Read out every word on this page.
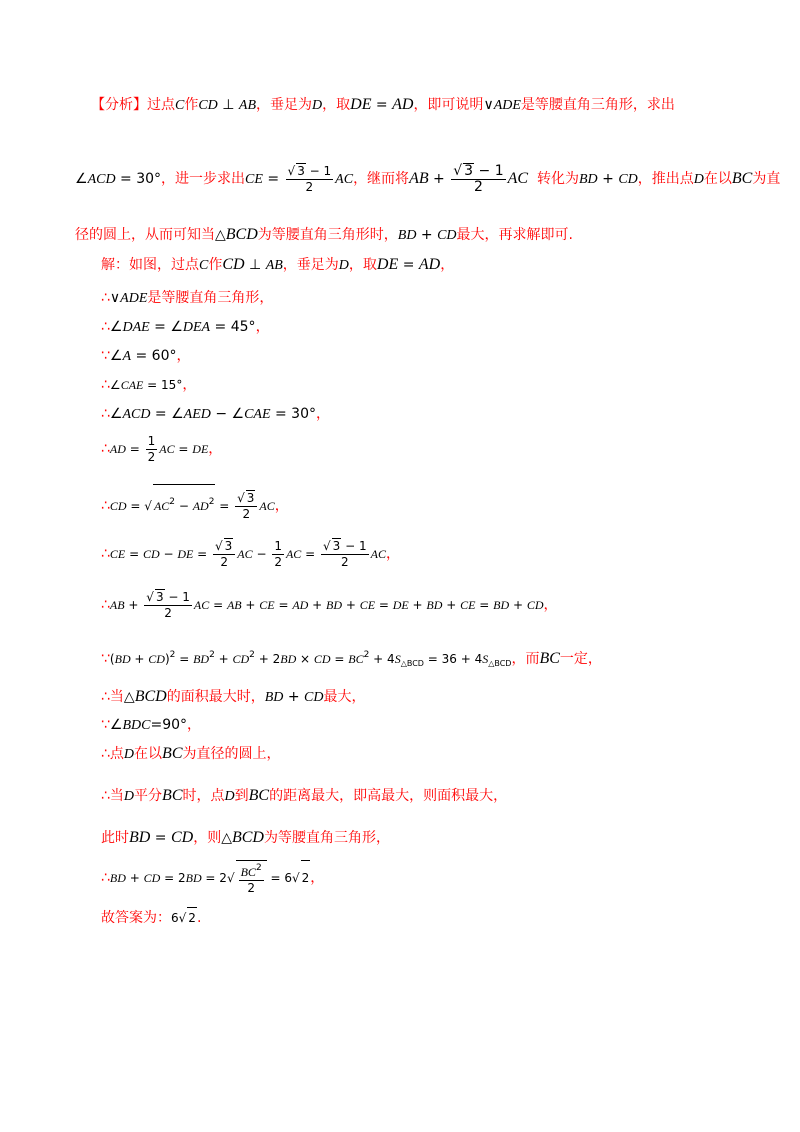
【分析】过点C作CD ⊥ AB，垂足为D，取DE = AD，即可说明∨ADE是等腰直角三角形，求出
∠ACD = 30°，进一步求出CE = $\frac{√ 3 - 1}{2}$ AC，继而将AB + $\frac{√ 3 - 1}{2}$ AC 转化为BD + CD，推出点D在以BC为直
径的圆上，从而可知当△BCD为等腰直角三角形时，BD + CD最大，再求解即可.
解：如图，过点C作CD ⊥ AB，垂足为D，取DE = AD，
∴∨ADE是等腰直角三角形，
∴∠DAE = ∠DEA = 45°，
∵∠A = 60°，
∴∠CAE = 15°，
∴∠ACD = ∠AED − ∠CAE = 30°，
∴AD = $\frac{1}{2}$ AC = DE，
∴CD = √ $AC^2 - AD^2 = \frac{√ 3}{2}$ AC，
∴CE = CD − DE = $\frac{√ 3}{2}$ AC − $\frac{1}{2}$ AC = $\frac{√ 3 - 1}{2}$ AC，
∴AB + $\frac{√ 3 - 1}{2}$ AC = AB + CE = AD + BD + CE = DE + BD + CE = BD + CD，
∵(BD + $CD)^2 = BD^2 + CD^2 + 2BD$ × CD = $BC^2 + 4S_{\triangle BCD} = 36 + 4S_{\triangle BCD}$，而BC一定，
∴当△BCD的面积最大时，BD + CD最大，
∵∠BDC=90°，
∴点D在以BC为直径的圆上，
∴当D平分BC时，点D到BC的距离最大，即高最大，则面积最大，
此时BD = CD，则△BCD为等腰直角三角形，
∴BD + CD = $2BD = 2√ \frac{BC^2}{2} = 6√$ 2，
故答案为：6√ 2.
